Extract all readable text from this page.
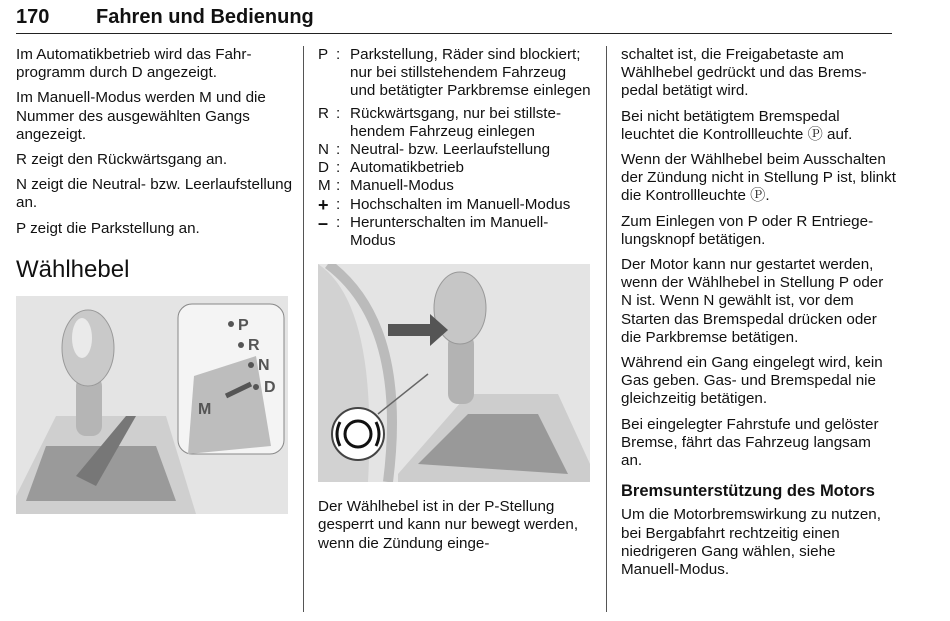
170 Fahren und Bedienung

Im Automatikbetrieb wird das Fahrprogramm durch D angezeigt.

Im Manuell-Modus werden M und die Nummer des ausgewählten Gangs angezeigt.

R zeigt den Rückwärtsgang an.

N zeigt die Neutral- bzw. Leerlaufstellung an.

P zeigt die Parkstellung an.

Wählhebel
P
R
N
D
M
P : Parkstellung, Räder sind blockiert; nur bei stillstehendem Fahrzeug und betätigter Parkbremse einlegen
R : Rückwärtsgang, nur bei stillstehendem Fahrzeug einlegen
N : Neutral- bzw. Leerlaufstellung
D : Automatikbetrieb
M : Manuell-Modus
+ : Hochschalten im Manuell-Modus
– : Herunterschalten im Manuell-Modus

Der Wählhebel ist in der P-Stellung gesperrt und kann nur bewegt werden, wenn die Zündung einge-

schaltet ist, die Freigabetaste am Wählhebel gedrückt und das Bremspedal betätigt wird.

Bei nicht betätigtem Bremspedal leuchtet die Kontrollleuchte Ⓟ auf.

Wenn der Wählhebel beim Ausschalten der Zündung nicht in Stellung P ist, blinkt die Kontrollleuchte Ⓟ.

Zum Einlegen von P oder R Entriegelungsknopf betätigen.

Der Motor kann nur gestartet werden, wenn der Wählhebel in Stellung P oder N ist. Wenn N gewählt ist, vor dem Starten das Bremspedal drücken oder die Parkbremse betätigen.

Während ein Gang eingelegt wird, kein Gas geben. Gas- und Bremspedal nie gleichzeitig betätigen.

Bei eingelegter Fahrstufe und gelöster Bremse, fährt das Fahrzeug langsam an.

Bremsunterstützung des Motors

Um die Motorbremswirkung zu nutzen, bei Bergabfahrt rechtzeitig einen niedrigeren Gang wählen, siehe Manuell-Modus.
